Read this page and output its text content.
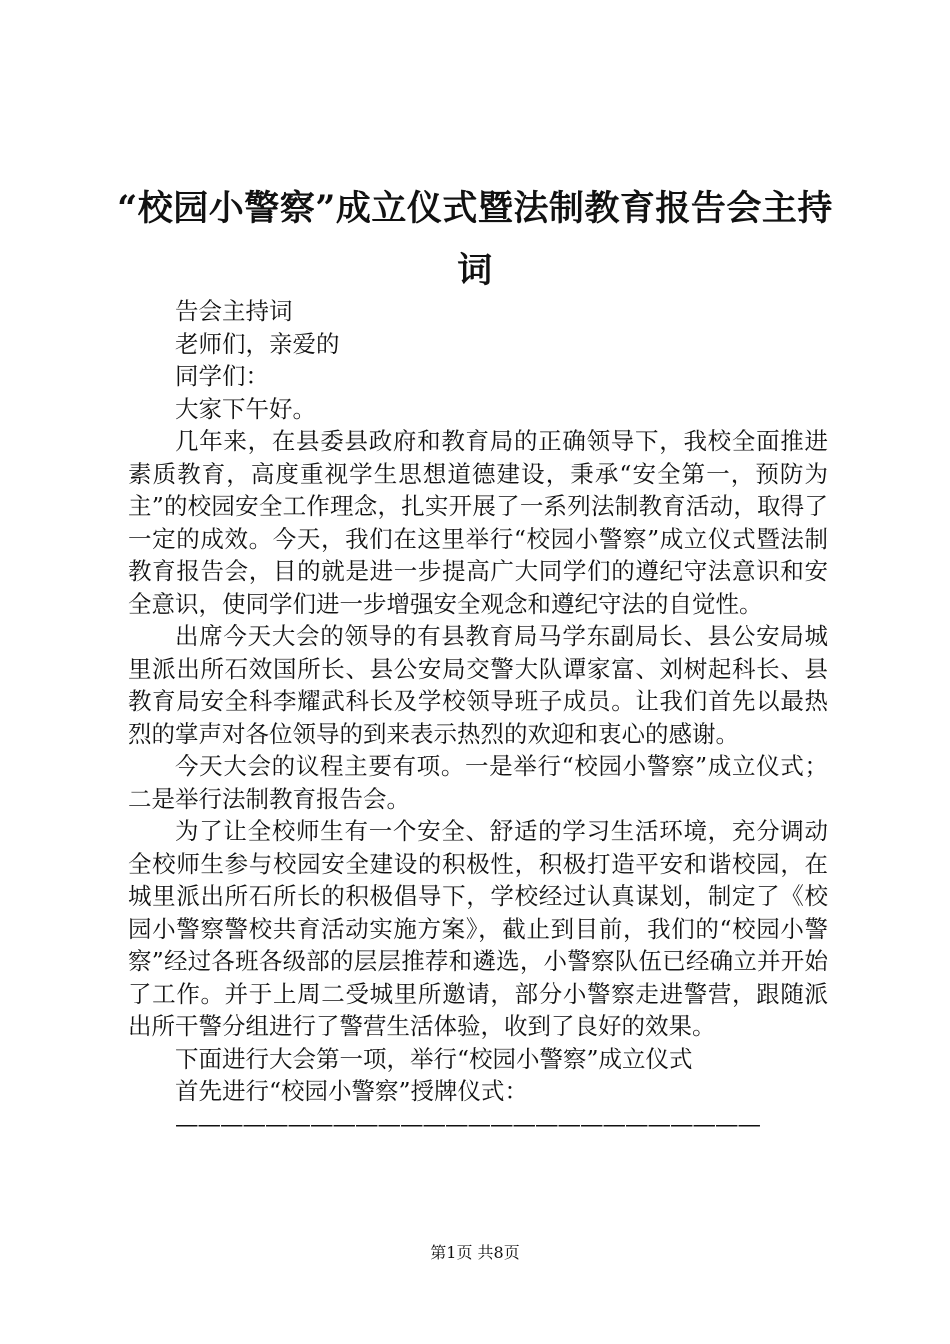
“校园小警察”成立仪式暨法制教育报告会主持词

告会主持词

老师们，亲爱的

同学们：

大家下午好。

几年来，在县委县政府和教育局的正确领导下，我校全面推进素质教育，高度重视学生思想道德建设，秉承“安全第一，预防为主”的校园安全工作理念，扎实开展了一系列法制教育活动，取得了一定的成效。今天，我们在这里举行“校园小警察”成立仪式暨法制教育报告会，目的就是进一步提高广大同学们的遵纪守法意识和安全意识，使同学们进一步增强安全观念和遵纪守法的自觉性。

出席今天大会的领导的有县教育局马学东副局长、县公安局城里派出所石效国所长、县公安局交警大队谭家富、刘树起科长、县教育局安全科李耀武科长及学校领导班子成员。让我们首先以最热烈的掌声对各位领导的到来表示热烈的欢迎和衷心的感谢。

今天大会的议程主要有项。一是举行“校园小警察”成立仪式；二是举行法制教育报告会。

为了让全校师生有一个安全、舒适的学习生活环境，充分调动全校师生参与校园安全建设的积极性，积极打造平安和谐校园，在城里派出所石所长的积极倡导下，学校经过认真谋划，制定了《校园小警察警校共育活动实施方案》，截止到目前，我们的“校园小警察”经过各班各级部的层层推荐和遴选，小警察队伍已经确立并开始了工作。并于上周二受城里所邀请，部分小警察走进警营，跟随派出所干警分组进行了警营生活体验，收到了良好的效果。

下面进行大会第一项，举行“校园小警察”成立仪式

首先进行“校园小警察”授牌仪式：

——————————————————————————
第1页 共8页
